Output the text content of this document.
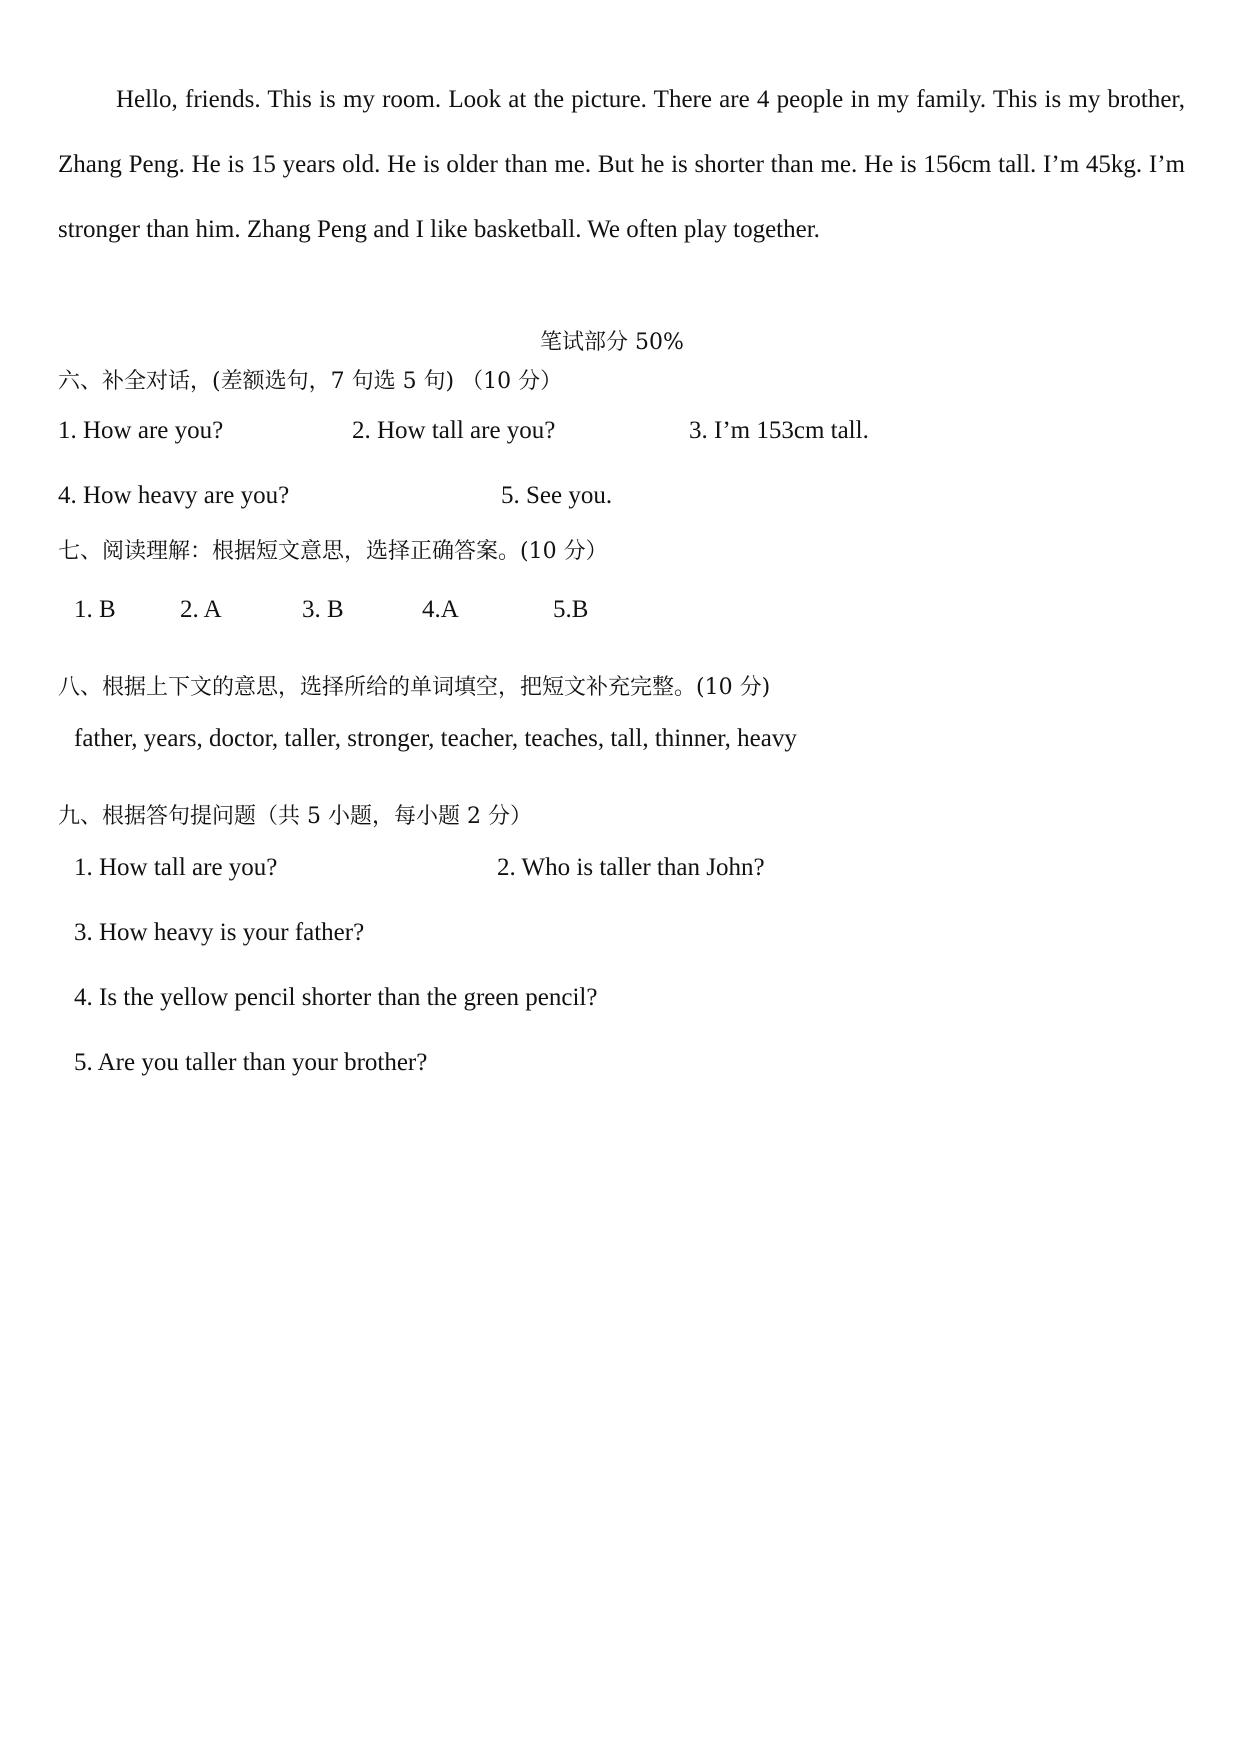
Hello, friends. This is my room. Look at the picture. There are 4 people in my family. This is my brother, Zhang Peng. He is 15 years old. He is older than me. But he is shorter than me. He is 156cm tall. I’m 45kg. I’m stronger than him. Zhang Peng and I like basketball. We often play together.
笔试部分 50%
六、补全对话，(差额选句，7 句选 5 句) （10 分）
1. How are you?	2. How tall are you?	3. I’m 153cm tall.
4. How heavy are you?	5. See you.
七、阅读理解：根据短文意思，选择正确答案。(10 分）
1. B	2. A	3. B	4.A	5.B
八、根据上下文的意思，选择所给的单词填空，把短文补充完整。(10 分)
father, years, doctor, taller, stronger, teacher, teaches, tall, thinner, heavy
九、根据答句提问题（共 5 小题，每小题 2 分）
1. How tall are you?	2. Who is taller than John?
3. How heavy is your father?
4. Is the yellow pencil shorter than the green pencil?
5. Are you taller than your brother?
